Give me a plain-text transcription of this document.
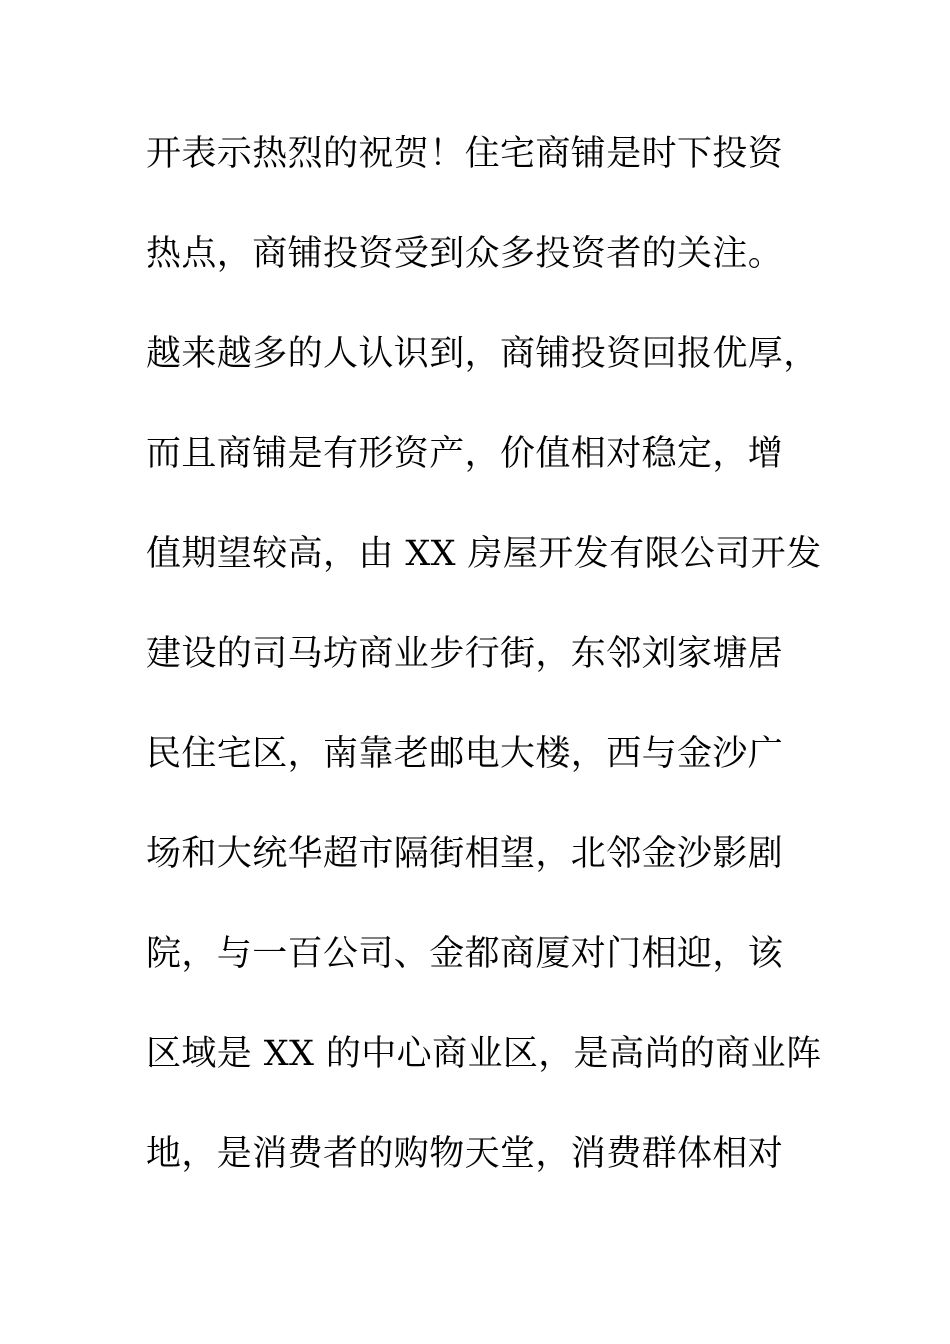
开表示热烈的祝贺！住宅商铺是时下投资
热点，商铺投资受到众多投资者的关注。
越来越多的人认识到，商铺投资回报优厚，
而且商铺是有形资产，价值相对稳定，增
值期望较高，由 XX 房屋开发有限公司开发
建设的司马坊商业步行街，东邻刘家塘居
民住宅区，南靠老邮电大楼，西与金沙广
场和大统华超市隔街相望，北邻金沙影剧
院，与一百公司、金都商厦对门相迎，该
区域是 XX 的中心商业区，是高尚的商业阵
地，是消费者的购物天堂，消费群体相对
